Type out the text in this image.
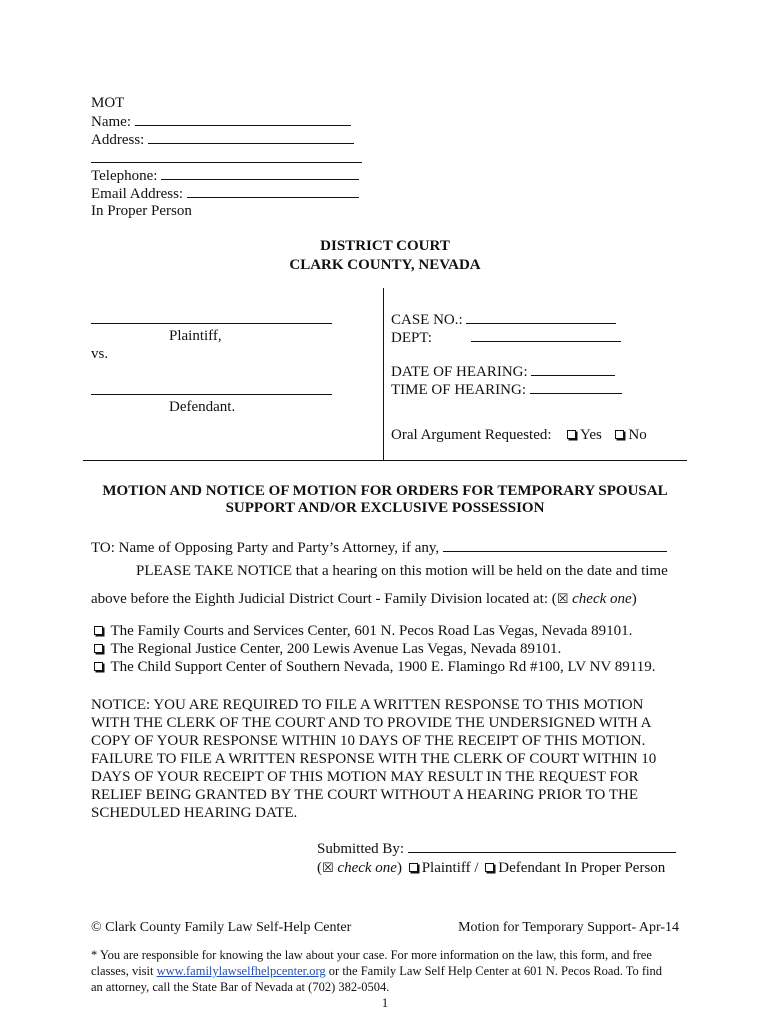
MOT
Name:
Address:
Telephone:
Email Address:
In Proper Person
DISTRICT COURT
CLARK COUNTY, NEVADA
Plaintiff,
vs.
Defendant.
CASE NO.:
DEPT:
DATE OF HEARING:
TIME OF HEARING:
Oral Argument Requested: Yes No
MOTION AND NOTICE OF MOTION FOR ORDERS FOR TEMPORARY SPOUSAL
SUPPORT AND/OR EXCLUSIVE POSSESSION
TO: Name of Opposing Party and Party’s Attorney, if any,
PLEASE TAKE NOTICE that a hearing on this motion will be held on the date and time
above before the Eighth Judicial District Court - Family Division located at: (☒ check one)
The Family Courts and Services Center, 601 N. Pecos Road Las Vegas, Nevada 89101.
The Regional Justice Center, 200 Lewis Avenue Las Vegas, Nevada 89101.
The Child Support Center of Southern Nevada, 1900 E. Flamingo Rd #100, LV NV 89119.
NOTICE: YOU ARE REQUIRED TO FILE A WRITTEN RESPONSE TO THIS MOTION
WITH THE CLERK OF THE COURT AND TO PROVIDE THE UNDERSIGNED WITH A
COPY OF YOUR RESPONSE WITHIN 10 DAYS OF THE RECEIPT OF THIS MOTION.
FAILURE TO FILE A WRITTEN RESPONSE WITH THE CLERK OF COURT WITHIN 10
DAYS OF YOUR RECEIPT OF THIS MOTION MAY RESULT IN THE REQUEST FOR
RELIEF BEING GRANTED BY THE COURT WITHOUT A HEARING PRIOR TO THE
SCHEDULED HEARING DATE.
Submitted By:
(☒ check one) Plaintiff / Defendant In Proper Person
© Clark County Family Law Self-Help Center	Motion for Temporary Support- Apr-14
* You are responsible for knowing the law about your case. For more information on the law, this form, and free
classes, visit www.familylawselfhelpcenter.org or the Family Law Self Help Center at 601 N. Pecos Road. To find
an attorney, call the State Bar of Nevada at (702) 382-0504.
1
